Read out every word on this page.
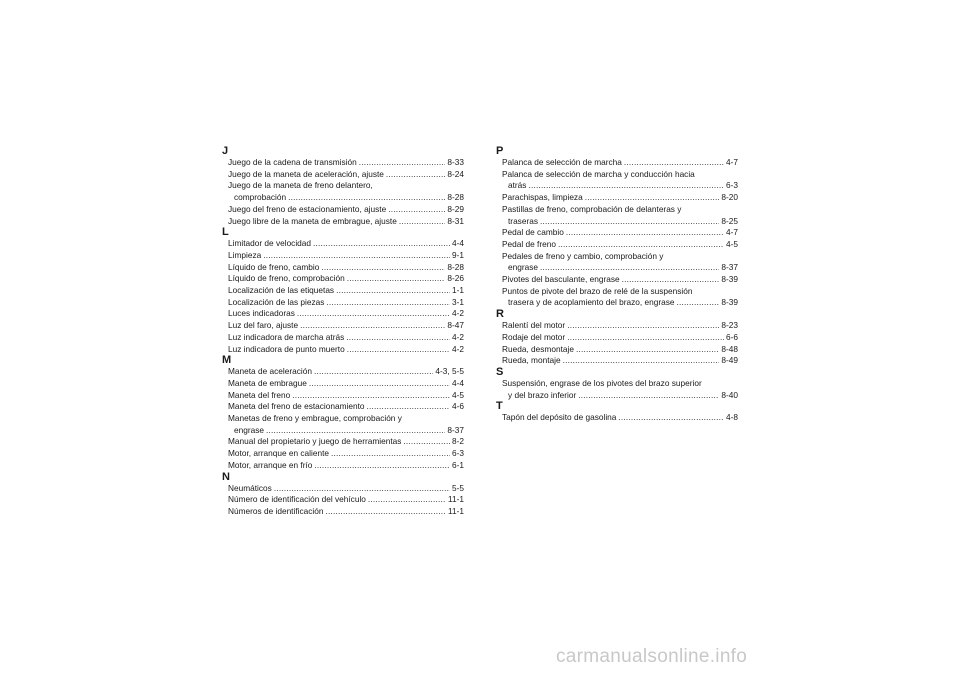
J
Juego de la cadena de transmisión .....	8-33
Juego de la maneta de aceleración, ajuste .....	8-24
Juego de la maneta de freno delantero,
comprobación .....	8-28
Juego del freno de estacionamiento, ajuste .....	8-29
Juego libre de la maneta de embrague, ajuste .....	8-31
L
Limitador de velocidad .....	4-4
Limpieza .....	9-1
Líquido de freno, cambio .....	8-28
Líquido de freno, comprobación .....	8-26
Localización de las etiquetas .....	1-1
Localización de las piezas .....	3-1
Luces indicadoras .....	4-2
Luz del faro, ajuste .....	8-47
Luz indicadora de marcha atrás .....	4-2
Luz indicadora de punto muerto .....	4-2
M
Maneta de aceleración .....	4-3, 5-5
Maneta de embrague .....	4-4
Maneta del freno .....	4-5
Maneta del freno de estacionamiento .....	4-6
Manetas de freno y embrague, comprobación y
engrase .....	8-37
Manual del propietario y juego de herramientas .....	8-2
Motor, arranque en caliente .....	6-3
Motor, arranque en frío .....	6-1
N
Neumáticos .....	5-5
Número de identificación del vehículo .....	11-1
Números de identificación .....	11-1
P
Palanca de selección de marcha .....	4-7
Palanca de selección de marcha y conducción hacia
atrás .....	6-3
Parachispas, limpieza .....	8-20
Pastillas de freno, comprobación de delanteras y
traseras .....	8-25
Pedal de cambio .....	4-7
Pedal de freno .....	4-5
Pedales de freno y cambio, comprobación y
engrase .....	8-37
Pivotes del basculante, engrase .....	8-39
Puntos de pivote del brazo de relé de la suspensión
trasera y de acoplamiento del brazo, engrase .....	8-39
R
Ralentí del motor .....	8-23
Rodaje del motor .....	6-6
Rueda, desmontaje .....	8-48
Rueda, montaje .....	8-49
S
Suspensión, engrase de los pivotes del brazo superior
y del brazo inferior .....	8-40
T
Tapón del depósito de gasolina .....	4-8
carmanualsonline.info
